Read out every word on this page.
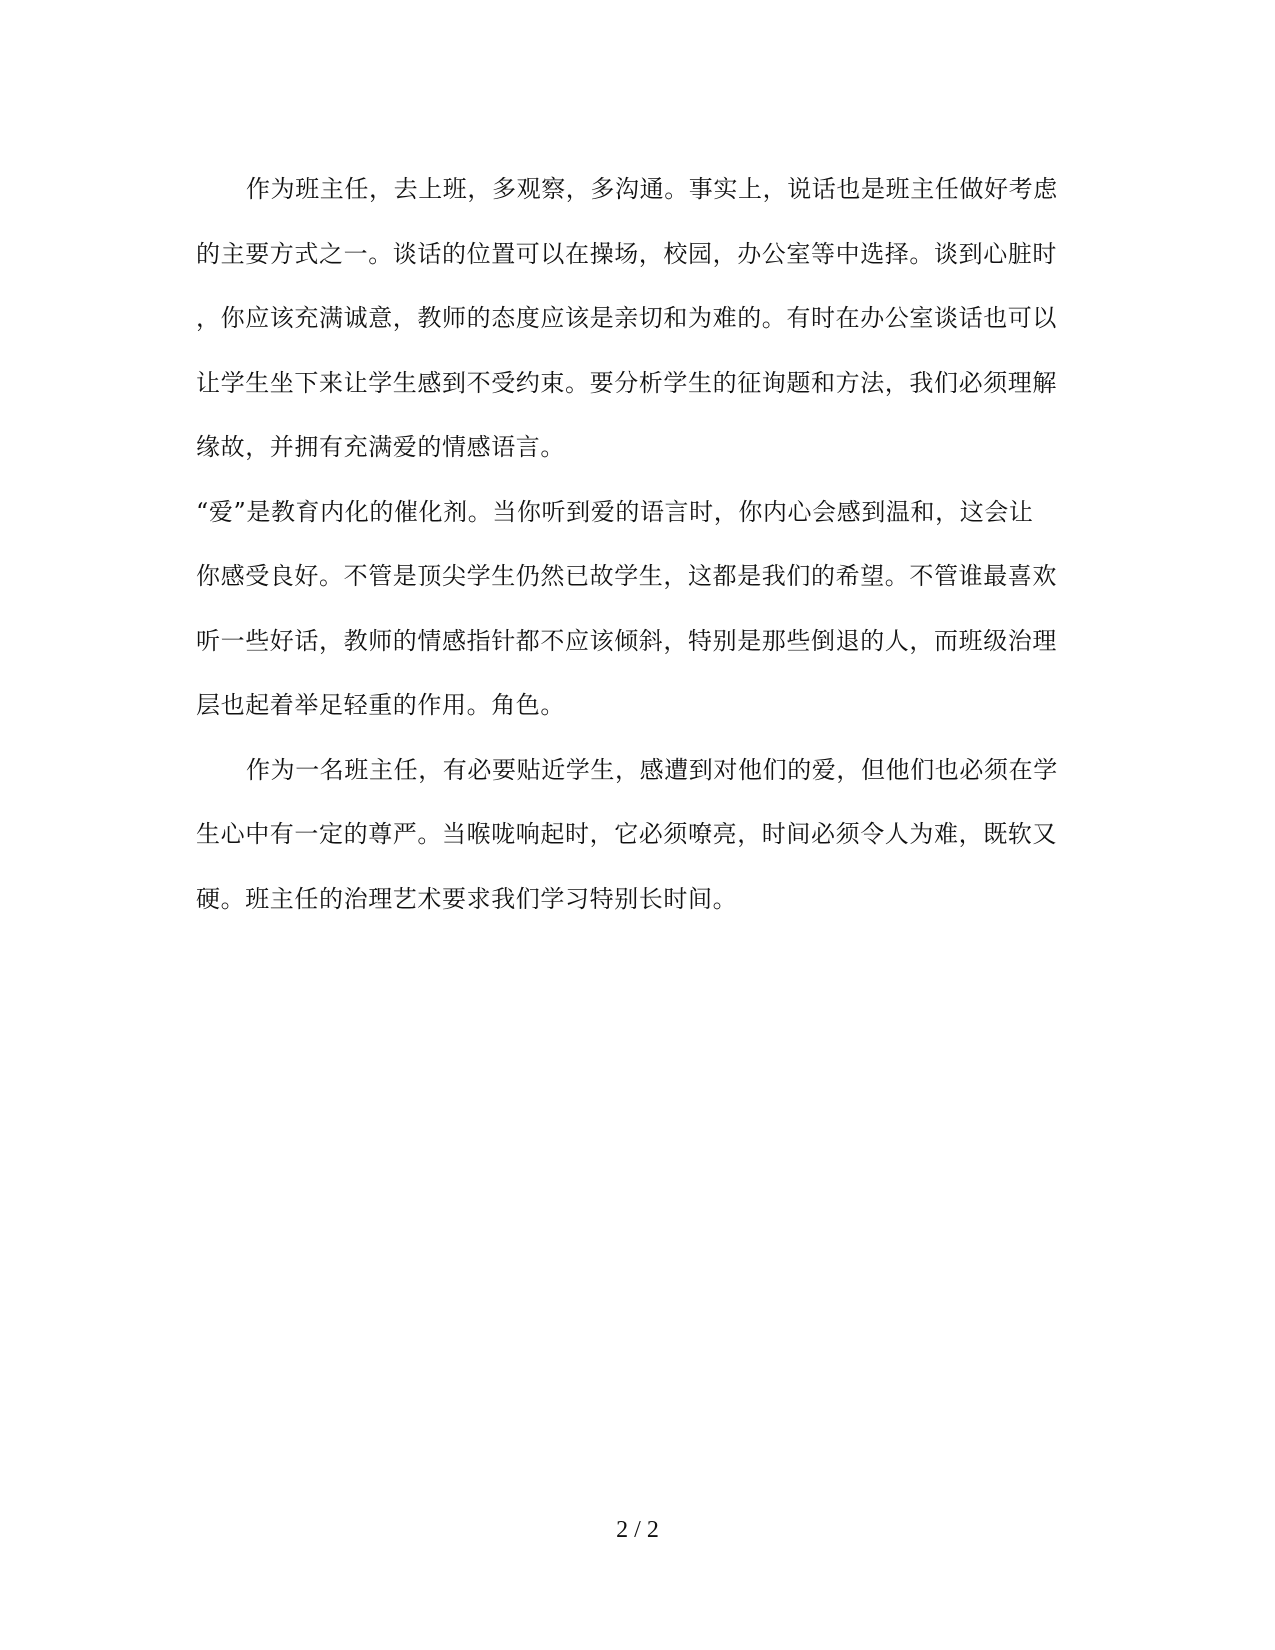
作为班主任，去上班，多观察，多沟通。事实上，说话也是班主任做好考虑
的主要方式之一。谈话的位置可以在操场，校园，办公室等中选择。谈到心脏时
，你应该充满诚意，教师的态度应该是亲切和为难的。有时在办公室谈话也可以
让学生坐下来让学生感到不受约束。要分析学生的征询题和方法，我们必须理解
缘故，并拥有充满爱的情感语言。
“爱”是教育内化的催化剂。当你听到爱的语言时，你内心会感到温和，这会让
你感受良好。不管是顶尖学生仍然已故学生，这都是我们的希望。不管谁最喜欢
听一些好话，教师的情感指针都不应该倾斜，特别是那些倒退的人，而班级治理
层也起着举足轻重的作用。角色。
作为一名班主任，有必要贴近学生，感遭到对他们的爱，但他们也必须在学
生心中有一定的尊严。当喉咙响起时，它必须嘹亮，时间必须令人为难，既软又
硬。班主任的治理艺术要求我们学习特别长时间。
2 / 2
